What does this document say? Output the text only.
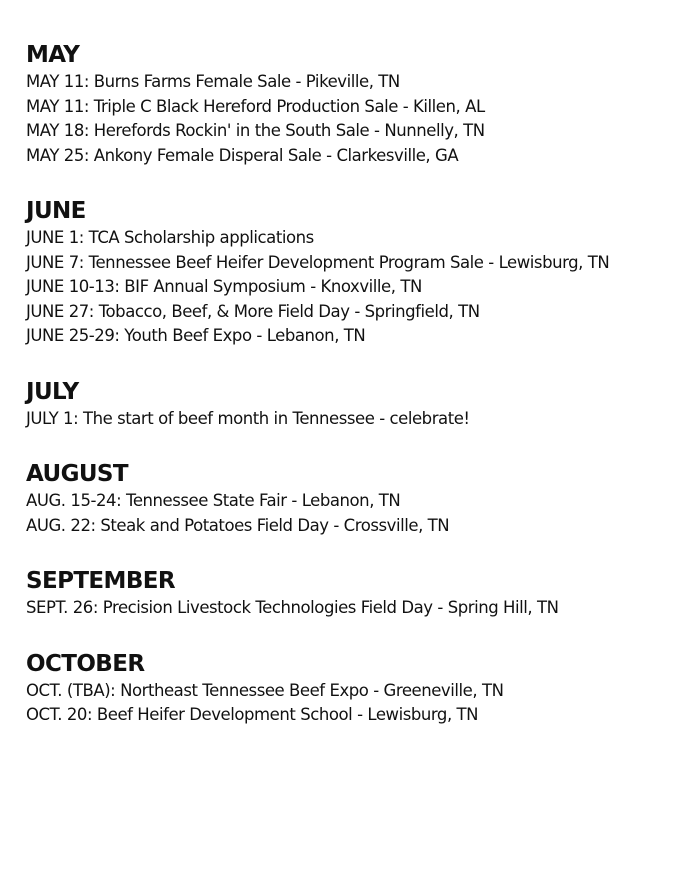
MAY
MAY 11: Burns Farms Female Sale - Pikeville, TN
MAY 11: Triple C Black Hereford Production Sale - Killen, AL
MAY 18: Herefords Rockin' in the South Sale - Nunnelly, TN
MAY 25: Ankony Female Disperal Sale - Clarkesville, GA
JUNE
JUNE 1: TCA Scholarship applications
JUNE 7: Tennessee Beef Heifer Development Program Sale - Lewisburg, TN
JUNE 10-13: BIF Annual Symposium - Knoxville, TN
JUNE 27: Tobacco, Beef, & More Field Day - Springfield, TN
JUNE 25-29: Youth Beef Expo - Lebanon, TN
JULY
JULY 1: The start of beef month in Tennessee - celebrate!
AUGUST
AUG. 15-24: Tennessee State Fair - Lebanon, TN
AUG. 22: Steak and Potatoes Field Day - Crossville, TN
SEPTEMBER
SEPT. 26: Precision Livestock Technologies Field Day - Spring Hill, TN
OCTOBER
OCT. (TBA): Northeast Tennessee Beef Expo - Greeneville, TN
OCT. 20: Beef Heifer Development School - Lewisburg, TN
